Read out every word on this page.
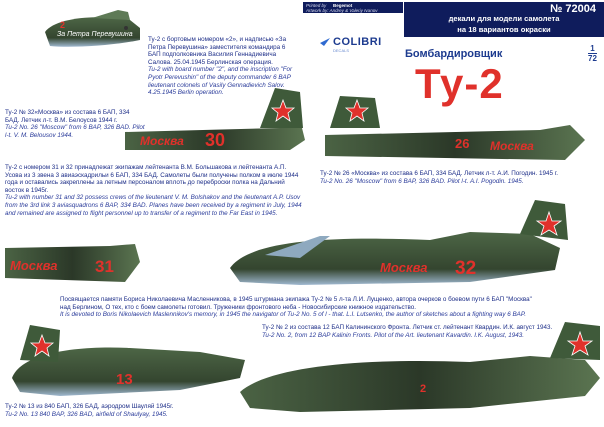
Printed by Begemot
Artwork by: Andrey & Valeriy Ivanov	№ 72004
декали для модели самолета
на 18 вариантов окраски
COLIBRI
DECALS	Бомбардировщик
Ту-2
$\frac{1}{72}$
Ту-2 с бортовым номером «2», и надписью «За Петра Перевушина» заместителя командира 6 БАП подполковника Василия Геннадиевича Салова. 25.04.1945 Берлинская операция.
Tu-2 with board number "2", and the inscription "For Pyotr Perevushin" of the deputy commander 6 BAP lieutenant colonels of Vasily Gennadievich Salov. 4.25.1945 Berlin operation.
Ту-2 № 32«Москва» из состава 6 БАП, 334 БАД. Летчик л-т. В.М. Белоусов 1944 г.
Tu-2 No. 26 "Moscow" from 6 BAP, 326 BAD. Pilot l-t. V. M. Belousov 1944.
Ту-2 № 26 «Москва» из состава 6 БАП, 334 БАД. Летчик л-т. А.И. Погодин. 1945 г.
Tu-2 No. 26 "Moscow" from 6 BAP, 326 BAD. Pilot l-t. A.I. Pogodin. 1945.
Ту-2 с номером 31 и 32 принадлежат экипажам лейтенанта В.М. Большакова и лейтенанта А.П. Усова из 3 звена 3 авиаэскадрильи 6 БАП, 334 БАД. Самолеты были получены полком в июле 1944 года и оставались закреплены за летным персоналом вплоть до переброски полка на Дальний восток в 1945г.
Tu-2 with number 31 and 32 possess crews of the lieutenant V. M. Bolshakov and the lieutenant A.P. Usov from the 3rd link 3 aviasquadrons 6 BAP, 334 BAD. Planes have been received by a regiment in July, 1944 and remained are assigned to flight personnel up to transfer of a regiment to the Far East in 1945.
Посвящается памяти Бориса Николаевича Масленникова, в 1945 штурмана экипажа Ту-2 № 5 л-та Л.И. Лущенко, автора очерков о боевом пути 6 БАП "Москва" над Берлином, О тех, кто с боем самолеты готовил. Труженики фронтового неба - Новосибирские книжное издательство.
It is devoted to Boris Nikolaevich Maslennikov's memory, in 1945 the navigator of Tu-2 No. 5 of l - that. L.I. Lutsenko, the author of sketches about a fighting way 6 BAP.
Ту-2 № 2 из состава 12 БАП Калининского Фронта. Летчик ст. лейтенант Квардин. И.К. август 1943.
Tu-2 No. 2, from 12 BAP Kalinin Fronts. Pilot of the Art. lieutenant Kavardin. I.K. August, 1943.
Ту-2 № 13 из 840 БАП, 326 БАД, аэродром Шауляй 1945г.
Tu-2 No. 13 840 BAP, 326 BAD, airfield of Shaulyay, 1945.
За Петра Перевушина
2
Москва 30	26 Москва
Москва 31	Москва 32
13
2
